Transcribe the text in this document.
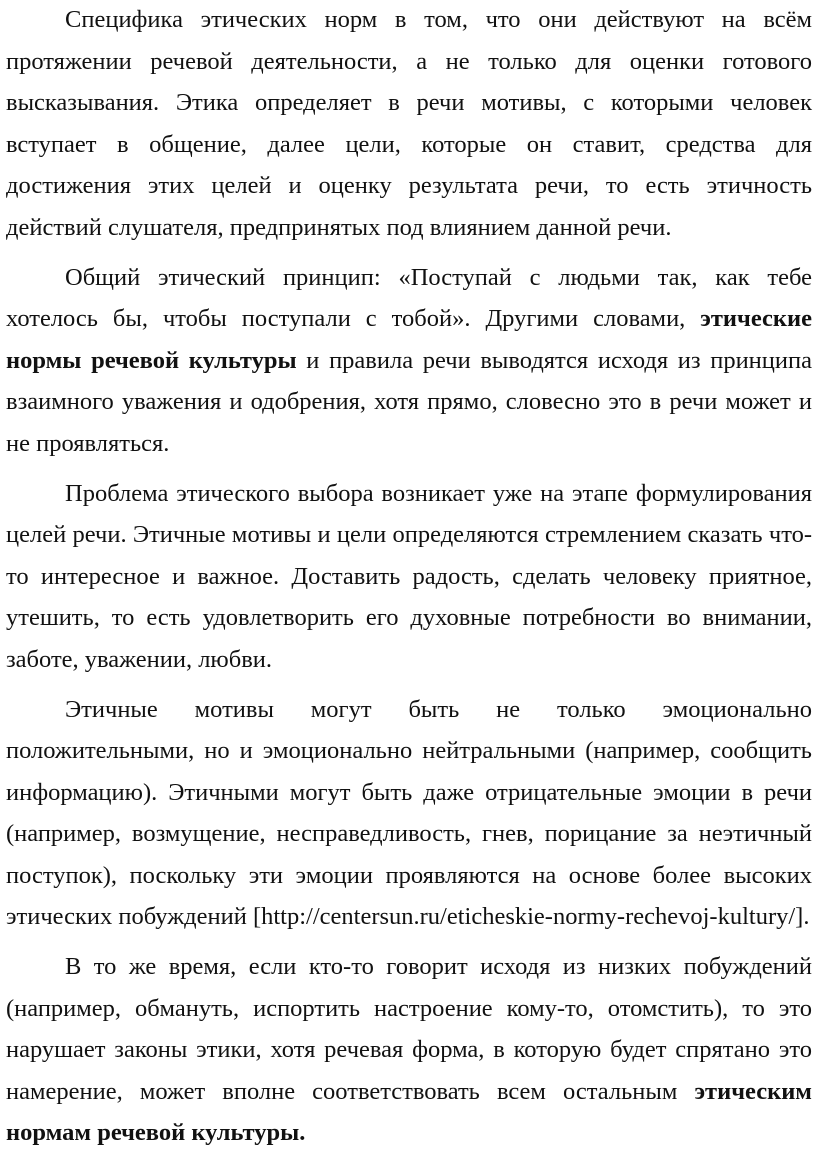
Специфика этических норм в том, что они действуют на всём протяжении речевой деятельности, а не только для оценки готового высказывания. Этика определяет в речи мотивы, с которыми человек вступает в общение, далее цели, которые он ставит, средства для достижения этих целей и оценку результата речи, то есть этичность действий слушателя, предпринятых под влиянием данной речи.

Общий этический принцип: «Поступай с людьми так, как тебе хотелось бы, чтобы поступали с тобой». Другими словами, этические нормы речевой культуры и правила речи выводятся исходя из принципа взаимного уважения и одобрения, хотя прямо, словесно это в речи может и не проявляться.

Проблема этического выбора возникает уже на этапе формулирования целей речи. Этичные мотивы и цели определяются стремлением сказать что-то интересное и важное. Доставить радость, сделать человеку приятное, утешить, то есть удовлетворить его духовные потребности во внимании, заботе, уважении, любви.

Этичные мотивы могут быть не только эмоционально положительными, но и эмоционально нейтральными (например, сообщить информацию). Этичными могут быть даже отрицательные эмоции в речи (например, возмущение, несправедливость, гнев, порицание за неэтичный поступок), поскольку эти эмоции проявляются на основе более высоких этических побуждений [http://centersun.ru/eticheskie-normy-rechevoj-kultury/].

В то же время, если кто-то говорит исходя из низких побуждений (например, обмануть, испортить настроение кому-то, отомстить), то это нарушает законы этики, хотя речевая форма, в которую будет спрятано это намерение, может вполне соответствовать всем остальным этическим нормам речевой культуры.
